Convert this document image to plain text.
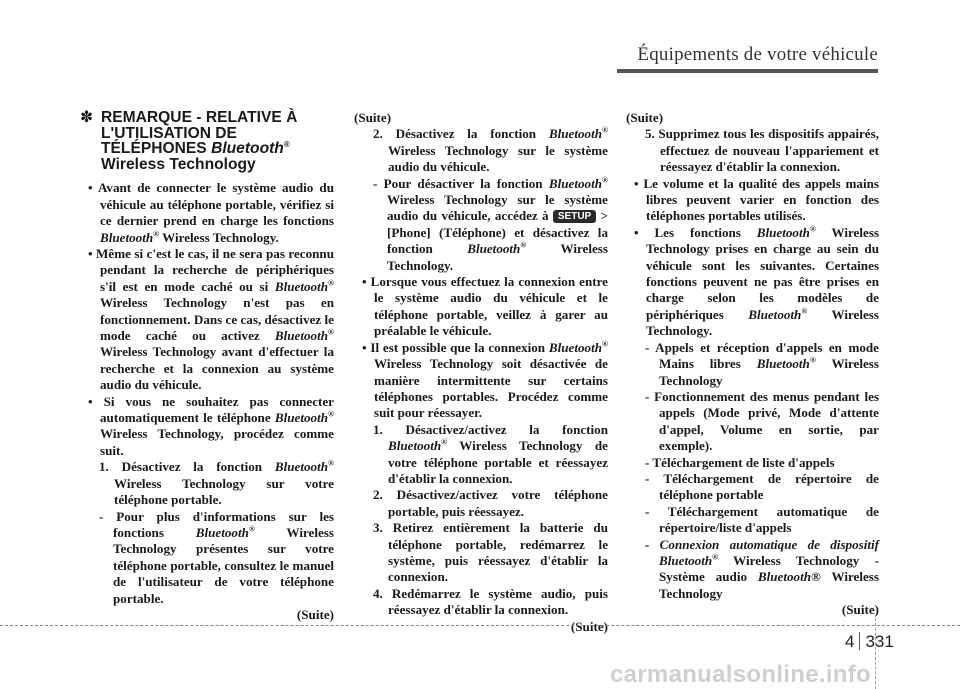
Équipements de votre véhicule
✽ REMARQUE - RELATIVE À
L'UTILISATION DE
TÉLÉPHONES Bluetooth®
Wireless Technology
• Avant de connecter le système audio du véhicule au téléphone portable, vérifiez si ce dernier prend en charge les fonctions Bluetooth® Wireless Technology.
• Même si c'est le cas, il ne sera pas reconnu pendant la recherche de périphériques s'il est en mode caché ou si Bluetooth® Wireless Technology n'est pas en fonctionnement. Dans ce cas, désactivez le mode caché ou activez Bluetooth® Wireless Technology avant d'effectuer la recherche et la connexion au système audio du véhicule.
• Si vous ne souhaitez pas connecter automatiquement le téléphone Bluetooth® Wireless Technology, procédez comme suit.
1. Désactivez la fonction Bluetooth® Wireless Technology sur votre téléphone portable.
- Pour plus d'informations sur les fonctions Bluetooth® Wireless Technology présentes sur votre téléphone portable, consultez le manuel de l'utilisateur de votre téléphone portable.
(Suite)
(Suite)
2. Désactivez la fonction Bluetooth® Wireless Technology sur le système audio du véhicule.
- Pour désactiver la fonction Bluetooth® Wireless Technology sur le système audio du véhicule, accédez à SETUP > [Phone] (Téléphone) et désactivez la fonction Bluetooth® Wireless Technology.
• Lorsque vous effectuez la connexion entre le système audio du véhicule et le téléphone portable, veillez à garer au préalable le véhicule.
• Il est possible que la connexion Bluetooth® Wireless Technology soit désactivée de manière intermittente sur certains téléphones portables. Procédez comme suit pour réessayer.
1. Désactivez/activez la fonction Bluetooth® Wireless Technology de votre téléphone portable et réessayez d'établir la connexion.
2. Désactivez/activez votre téléphone portable, puis réessayez.
3. Retirez entièrement la batterie du téléphone portable, redémarrez le système, puis réessayez d'établir la connexion.
4. Redémarrez le système audio, puis réessayez d'établir la connexion.
(Suite)
(Suite)
5. Supprimez tous les dispositifs appairés, effectuez de nouveau l'appariement et réessayez d'établir la connexion.
• Le volume et la qualité des appels mains libres peuvent varier en fonction des téléphones portables utilisés.
• Les fonctions Bluetooth® Wireless Technology prises en charge au sein du véhicule sont les suivantes. Certaines fonctions peuvent ne pas être prises en charge selon les modèles de périphériques Bluetooth® Wireless Technology.
- Appels et réception d'appels en mode Mains libres Bluetooth® Wireless Technology
- Fonctionnement des menus pendant les appels (Mode privé, Mode d'attente d'appel, Volume en sortie, par exemple).
- Téléchargement de liste d'appels
- Téléchargement de répertoire de téléphone portable
- Téléchargement automatique de répertoire/liste d'appels
- Connexion automatique de dispositif Bluetooth® Wireless Technology - Système audio Bluetooth® Wireless Technology
(Suite)
4 331
carmanualsonline.info
